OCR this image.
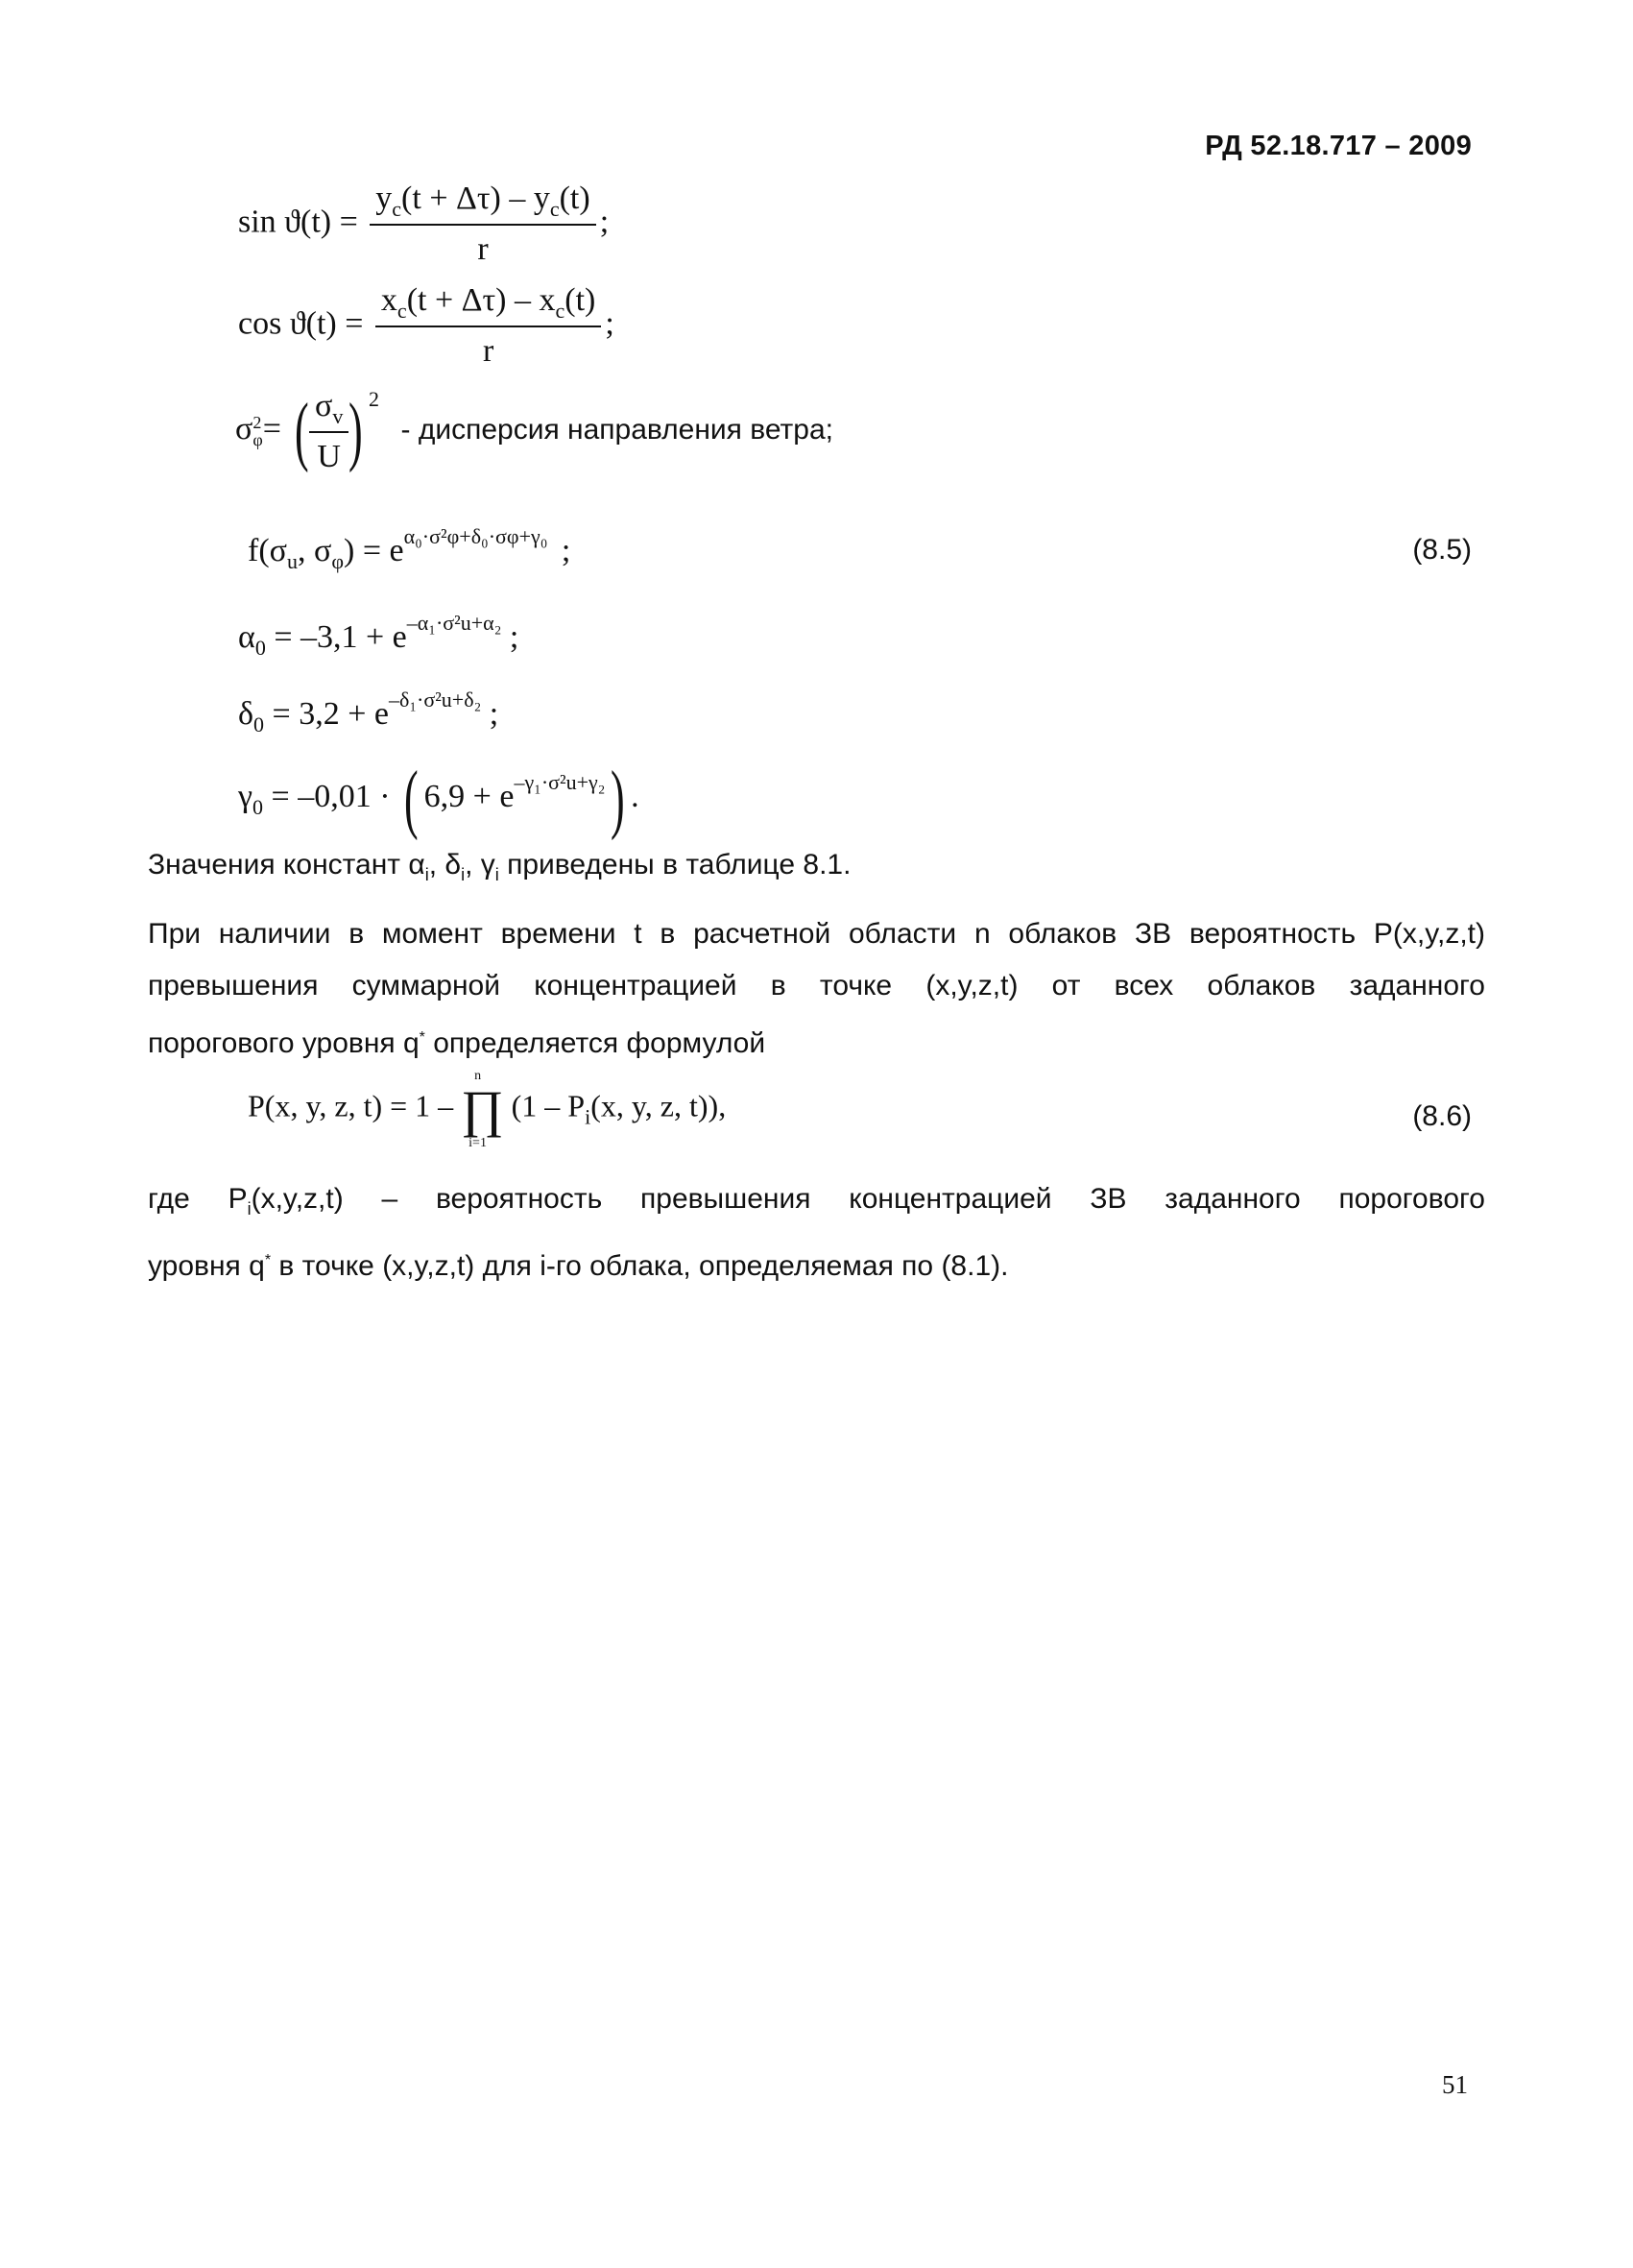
РД 52.18.717 – 2009
$\sin ϑ(t) = \frac{y_c(t + \Delta\tau) - y_c(t)}{r}$ ;
$\cos ϑ(t) = \frac{x_c(t + \Delta\tau) - x_c(t)}{r}$ ;
σ 2
φ = ( $\frac{\sigma_v}{U}$ ) $^2$ - дисперсия направления ветра;
$f(\sigma_u$, $\sigma_\varphi) = e^{\alpha_0\cdot\sigma^2\varphi+\delta_0\cdot\sigma\varphi+\gamma_0}$ ;	(8.5)
$\alpha_0 = -3,1 + e^{-\alpha_1\cdot\sigma^2u+\alpha_2}$ ;
$\delta_0 = 3,2 + e^{-\delta_1\cdot\sigma^2u+\delta_2}$ ;
$\gamma_0 = -0,01$ · ( $6,9 + e^{-\gamma_1\cdot\sigma^2u+\gamma_2}$) .
Значения констант $\alpha_i$, $\delta_i$, $\gamma_i$ приведены в таблице 8.1.
При наличии в момент времени t в расчетной области n облаков ЗВ вероятность P(x,y,z,t)
превышения суммарной концентрацией в точке (x,y,z,t) от всех облаков заданного
порогового уровня q* определяется формулой
P(x, y, z, t) = 1 – ∏
n
i=1
($1 - P_i(x$, y, z, t)),	(8.6)
где $P_i(x,y,z,t)$ – вероятность превышения концентрацией ЗВ заданного порогового
уровня q* в точке (x,y,z,t) для i-го облака, определяемая по (8.1).
51
